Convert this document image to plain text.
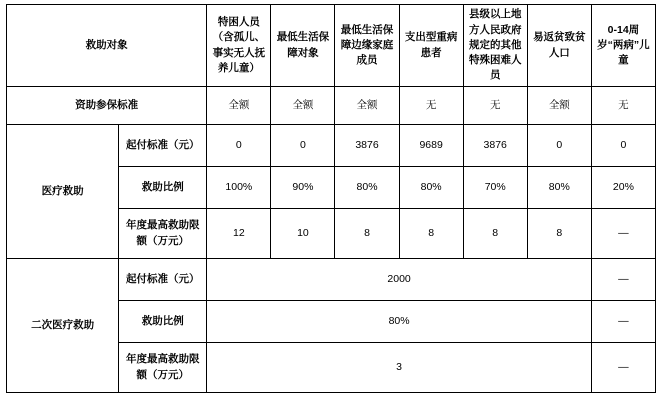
救助对象		特困人员（含孤儿、事实无人抚养儿童）	最低生活保障对象	最低生活保障边缘家庭成员	支出型重病患者	县级以上地方人民政府规定的其他特殊困难人员	易返贫致贫人口	0-14周岁“两病”儿童
资助参保标准		全额	全额	全额	无	无	全额	无
医疗救助	起付标准（元）	0	0	3876	9689	3876	0	0
	救助比例	100%	90%	80%	80%	70%	80%	20%
	年度最高救助限额（万元）	12	10	8	8	8	8	—
二次医疗救助	起付标准（元）	2000						—
	救助比例	80%						—
	年度最高救助限额（万元）	3						—
